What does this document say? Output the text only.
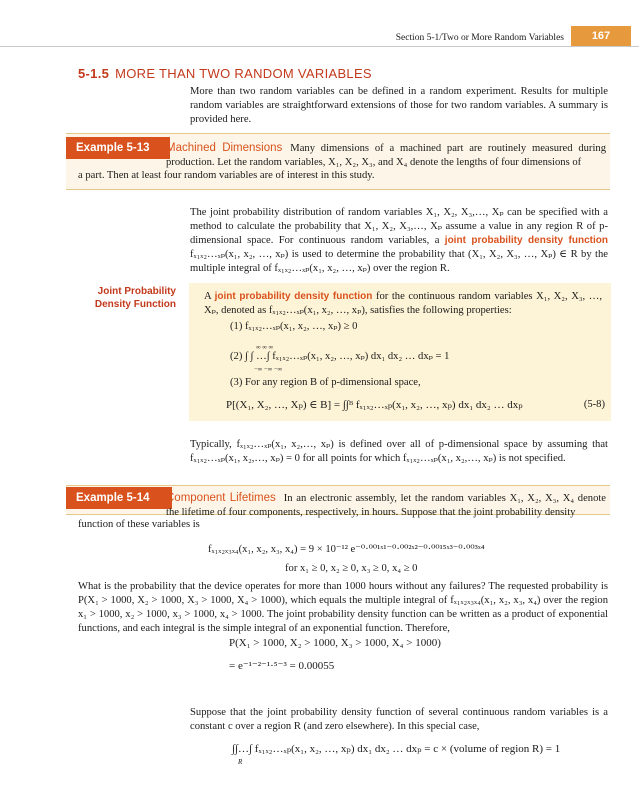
Section 5-1/Two or More Random Variables	167
5-1.5 MORE THAN TWO RANDOM VARIABLES
More than two random variables can be defined in a random experiment. Results for multiple random variables are straightforward extensions of those for two random variables. A summary is provided here.
Example 5-13	Machined Dimensions Many dimensions of a machined part are routinely measured during production. Let the random variables, X₁, X₂, X₃, and X₄ denote the lengths of four dimensions of
a part. Then at least four random variables are of interest in this study.
The joint probability distribution of random variables X₁, X₂, X₃,…, Xₚ can be specified with a method to calculate the probability that X₁, X₂, X₃,…, Xₚ assume a value in any region R of p-dimensional space. For continuous random variables, a joint probability density function fₓ₁ₓ₂…ₓₚ(x₁, x₂, …, xₚ) is used to determine the probability that (X₁, X₂, X₃, …, Xₚ) ∈ R by the multiple integral of fₓ₁ₓ₂…ₓₚ(x₁, x₂, …, xₚ) over the region R.
Joint Probability Density Function
A joint probability density function for the continuous random variables X₁, X₂, X₃, …, Xₚ, denoted as fₓ₁ₓ₂…ₓₚ(x₁, x₂, …, xₚ), satisfies the following properties:
(1) fₓ₁ₓ₂…ₓₚ(x₁, x₂, …, xₚ) ≥ 0
(2) ∫ ∫ …∫ fₓ₁ₓ₂…ₓₚ(x₁, x₂, …, xₚ) dx₁ dx₂ … dxₚ = 1
∞ ∞ ∞
−∞ −∞ −∞
(3) For any region B of p-dimensional space,
P[(X₁, X₂, …, Xₚ) ∈ B] = ∫∫ᴮ fₓ₁ₓ₂…ₓₚ(x₁, x₂, …, xₚ) dx₁ dx₂ … dxₚ	(5-8)
Typically, fₓ₁ₓ₂…ₓₚ(x₁, x₂,…, xₚ) is defined over all of p-dimensional space by assuming that fₓ₁ₓ₂…ₓₚ(x₁, x₂,…, xₚ) = 0 for all points for which fₓ₁ₓ₂…ₓₚ(x₁, x₂,…, xₚ) is not specified.
Example 5-14	Component Lifetimes In an electronic assembly, let the random variables X₁, X₂, X₃, X₄ denote the lifetime of four components, respectively, in hours. Suppose that the joint probability density
function of these variables is
fₓ₁ₓ₂ₓ₃ₓ₄(x₁, x₂, x₃, x₄) = 9 × 10⁻¹² e⁻⁰·⁰⁰¹ˣ¹⁻⁰·⁰⁰²ˣ²⁻⁰·⁰⁰¹⁵ˣ³⁻⁰·⁰⁰³ˣ⁴
for x₁ ≥ 0, x₂ ≥ 0, x₃ ≥ 0, x₄ ≥ 0
What is the probability that the device operates for more than 1000 hours without any failures? The requested probability is P(X₁ > 1000, X₂ > 1000, X₃ > 1000, X₄ > 1000), which equals the multiple integral of fₓ₁ₓ₂ₓ₃ₓ₄(x₁, x₂, x₃, x₄) over the region x₁ > 1000, x₂ > 1000, x₃ > 1000, x₄ > 1000. The joint probability density function can be written as a product of exponential functions, and each integral is the simple integral of an exponential function. Therefore,
P(X₁ > 1000, X₂ > 1000, X₃ > 1000, X₄ > 1000)
= e⁻¹⁻²⁻¹·⁵⁻³ = 0.00055
Suppose that the joint probability density function of several continuous random variables is a constant c over a region R (and zero elsewhere). In this special case,
∫∫…∫ fₓ₁ₓ₂…ₓₚ(x₁, x₂, …, xₚ) dx₁ dx₂ … dxₚ = c × (volume of region R) = 1
R
